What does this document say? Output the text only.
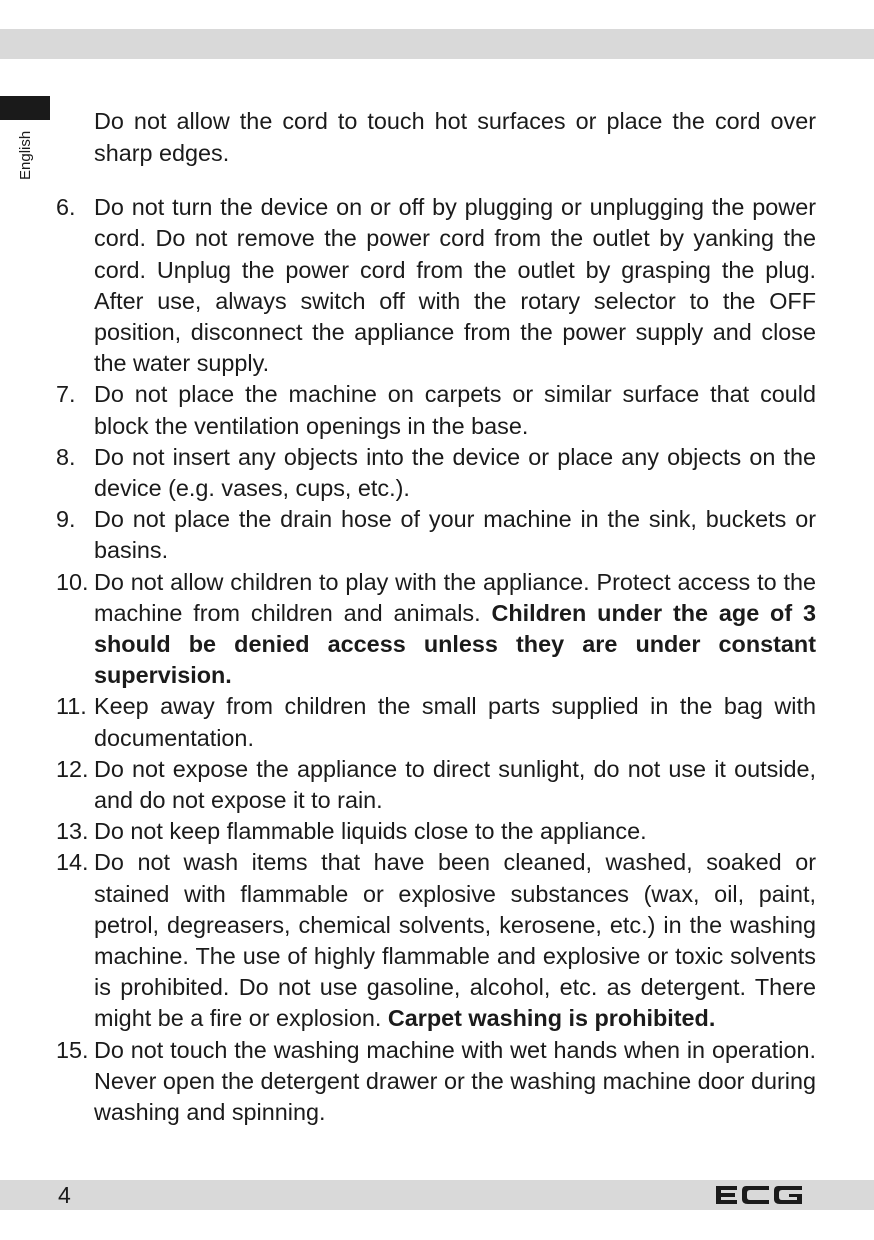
English

Do not allow the cord to touch hot surfaces or place the cord over sharp edges.

6. Do not turn the device on or off by plugging or unplugging the power cord. Do not remove the power cord from the outlet by yanking the cord. Unplug the power cord from the outlet by grasping the plug. After use, always switch off with the rotary selector to the OFF position, disconnect the appliance from the power supply and close the water supply.
7. Do not place the machine on carpets or similar surface that could block the ventilation openings in the base.
8. Do not insert any objects into the device or place any objects on the device (e.g. vases, cups, etc.).
9. Do not place the drain hose of your machine in the sink, buckets or basins.
10. Do not allow children to play with the appliance. Protect access to the machine from children and animals. Children under the age of 3 should be denied access unless they are under constant supervision.
11. Keep away from children the small parts supplied in the bag with documentation.
12. Do not expose the appliance to direct sunlight, do not use it outside, and do not expose it to rain.
13. Do not keep flammable liquids close to the appliance.
14. Do not wash items that have been cleaned, washed, soaked or stained with flammable or explosive substances (wax, oil, paint, petrol, degreasers, chemical solvents, kerosene, etc.) in the washing machine. The use of highly flammable and explosive or toxic solvents is prohibited. Do not use gasoline, alcohol, etc. as detergent. There might be a fire or explosion. Carpet washing is prohibited.
15. Do not touch the washing machine with wet hands when in operation. Never open the detergent drawer or the washing machine door during washing and spinning.
4
